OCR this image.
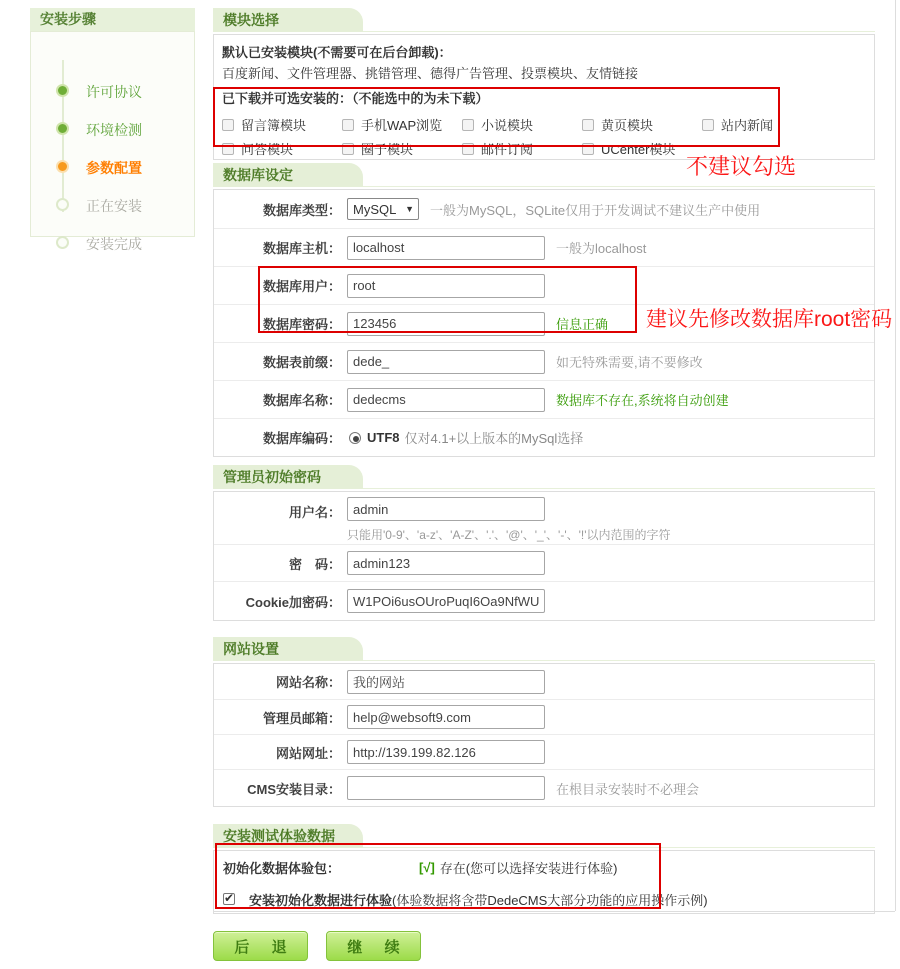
安装步骤
许可协议
环境检测
参数配置
正在安装
安装完成
模块选择
默认已安装模块(不需要可在后台卸载)：
百度新闻、文件管理器、挑错管理、德得广告管理、投票模块、友情链接
已下载并可选安装的：（不能选中的为未下载）
留言簿模块	手机WAP浏览	小说模块	黄页模块	站内新闻
问答模块	圈子模块	邮件订阅	UCenter模块
数据库设定
数据库类型： MySQL ▼ 一般为MySQL，SQLite仅用于开发调试不建议生产中使用
数据库主机：
localhost	一般为localhost
数据库用户：
root
数据库密码：
123456	信息正确
数据表前缀：
dede_	如无特殊需要,请不要修改
数据库名称：
dedecms	数据库不存在,系统将自动创建
数据库编码： UTF8 仅对4.1+以上版本的MySql选择
管理员初始密码
用户名：
admin
只能用'0-9'、'a-z'、'A-Z'、'.'、'@'、'_'、'-'、'!'以内范围的字符
密　码：
admin123
Cookie加密码：
W1POi6usOUroPuqI6Oa9NfWU0iN1t
网站设置
网站名称：
我的网站
管理员邮箱：
help@websoft9.com
网站网址：
http://139.199.82.126
CMS安装目录：	在根目录安装时不必理会
安装测试体验数据
初始化数据体验包：	[√] 存在(您可以选择安装进行体验)
✔
安装初始化数据进行体验 (体验数据将含带DedeCMS大部分功能的应用操作示例)
后 退	继 续
不建议勾选
建议先修改数据库root密码
